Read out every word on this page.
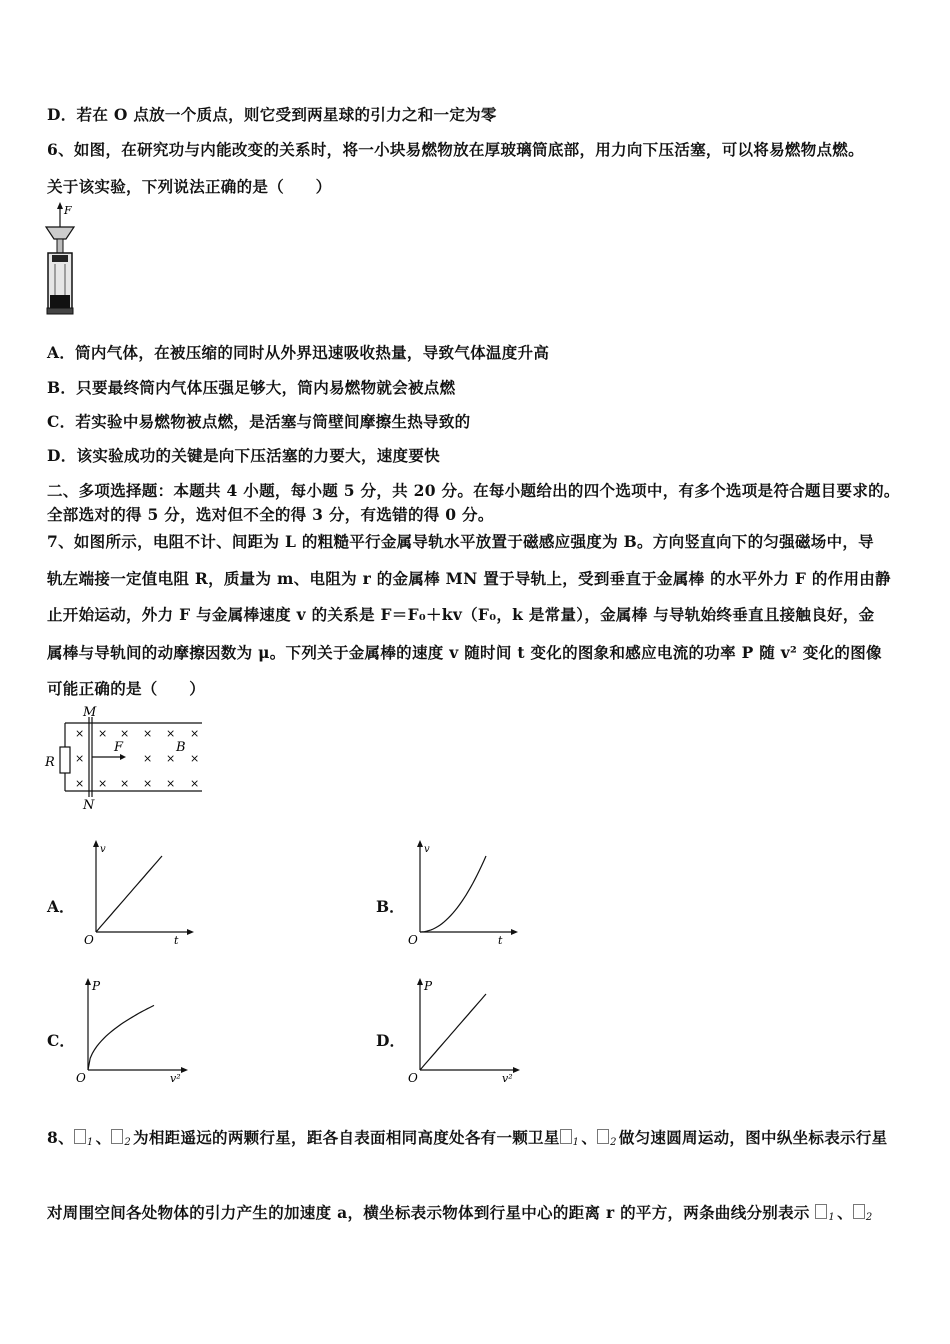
D．若在 O 点放一个质点，则它受到两星球的引力之和一定为零
6、如图，在研究功与内能改变的关系时，将一小块易燃物放在厚玻璃筒底部，用力向下压活塞，可以将易燃物点燃。
关于该实验，下列说法正确的是（　　）
F
A．筒内气体，在被压缩的同时从外界迅速吸收热量，导致气体温度升高
B．只要最终筒内气体压强足够大，筒内易燃物就会被点燃
C．若实验中易燃物被点燃，是活塞与筒壁间摩擦生热导致的
D．该实验成功的关键是向下压活塞的力要大，速度要快
二、多项选择题：本题共 4 小题，每小题 5 分，共 20 分。在每小题给出的四个选项中，有多个选项是符合题目要求的。
全部选对的得 5 分，选对但不全的得 3 分，有选错的得 0 分。
7、如图所示，电阻不计、间距为 L 的粗糙平行金属导轨水平放置于磁感应强度为 B。方向竖直向下的匀强磁场中，导
轨左端接一定值电阻 R，质量为 m、电阻为 r 的金属棒 MN 置于导轨上，受到垂直于金属棒 的水平外力 F 的作用由静
止开始运动，外力 F 与金属棒速度 v 的关系是 F＝F₀＋kv（F₀，k 是常量），金属棒 与导轨始终垂直且接触良好，金
属棒与导轨间的动摩擦因数为 μ。下列关于金属棒的速度 v 随时间 t 变化的图象和感应电流的功率 P 随 v² 变化的图像
可能正确的是（　　）
R
M
N
F	B
×
×
×
× × × × ×
× × ×
× × × × ×
A．	B．
C．	D．
v
t
O
v
t
O
P
v²
O
P
v²
O
8、 $_1$ 、 $_2$ 为相距遥远的两颗行星，距各自表面相同高度处各有一颗卫星 $_1$ 、 $_2$ 做匀速圆周运动，图中纵坐标表示行星
对周围空间各处物体的引力产生的加速度 a，横坐标表示物体到行星中心的距离 r 的平方，两条曲线分别表示 $_1$ 、 $_2$
